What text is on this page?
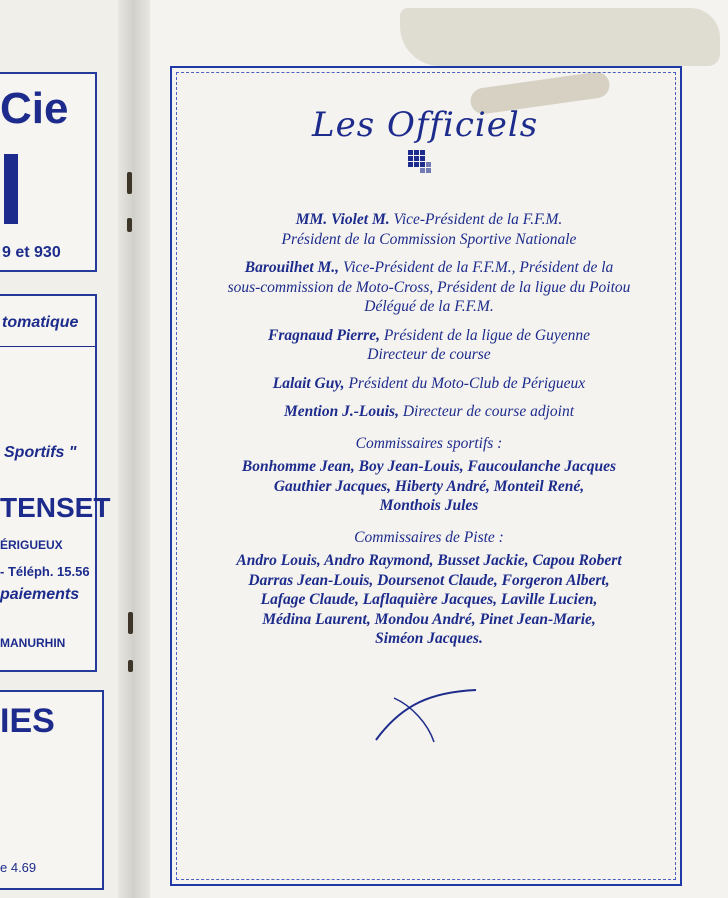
Cie
9 et 930
tomatique
Sportifs "
TENSET
ÉRIGUEUX
- Téléph. 15.56
paiements
MANURHIN
IES
e 4.69
Les Officiels
MM. Violet M. Vice-Président de la F.F.M.
Président de la Commission Sportive Nationale
Barouilhet M., Vice-Président de la F.F.M., Président de la
sous-commission de Moto-Cross, Président de la ligue du Poitou
Délégué de la F.F.M.
Fragnaud Pierre, Président de la ligue de Guyenne
Directeur de course
Lalait Guy, Président du Moto-Club de Périgueux
Mention J.-Louis, Directeur de course adjoint
Commissaires sportifs :
Bonhomme Jean, Boy Jean-Louis, Faucoulanche Jacques
Gauthier Jacques, Hiberty André, Monteil René,
Monthois Jules
Commissaires de Piste :
Andro Louis, Andro Raymond, Busset Jackie, Capou Robert
Darras Jean-Louis, Doursenot Claude, Forgeron Albert,
Lafage Claude, Laflaquière Jacques, Laville Lucien,
Médina Laurent, Mondou André, Pinet Jean-Marie,
Siméon Jacques.
